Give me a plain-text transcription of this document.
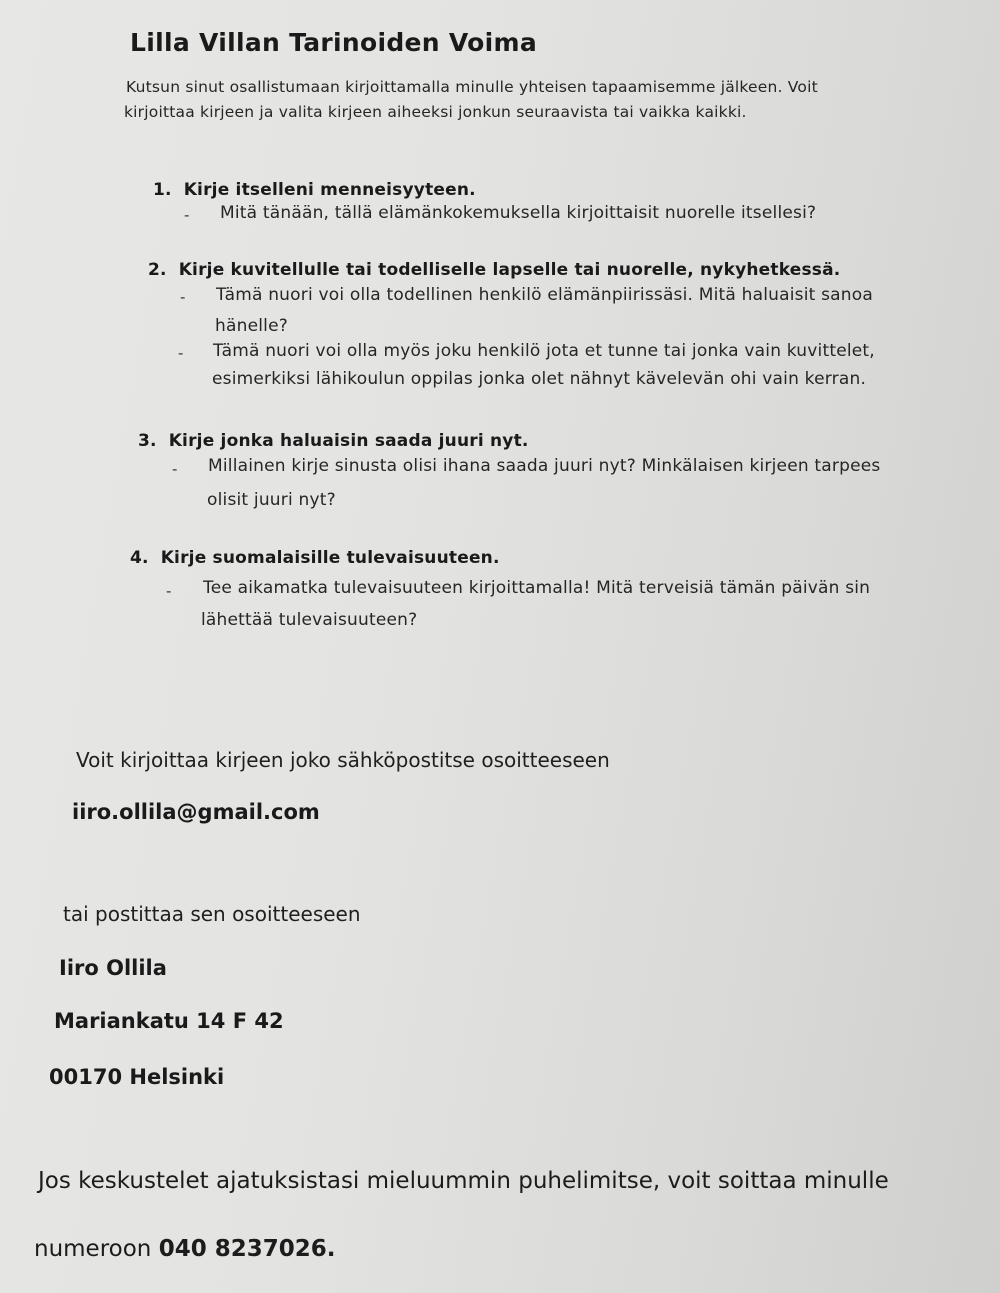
Lilla Villan Tarinoiden Voima
Kutsun sinut osallistumaan kirjoittamalla minulle yhteisen tapaamisemme jälkeen. Voit
kirjoittaa kirjeen ja valita kirjeen aiheeksi jonkun seuraavista tai vaikka kaikki.
1. Kirje itselleni menneisyyteen.
- Mitä tänään, tällä elämänkokemuksella kirjoittaisit nuorelle itsellesi?
2. Kirje kuvitellulle tai todelliselle lapselle tai nuorelle, nykyhetkessä.
- Tämä nuori voi olla todellinen henkilö elämänpiirissäsi. Mitä haluaisit sanoa
hänelle?
- Tämä nuori voi olla myös joku henkilö jota et tunne tai jonka vain kuvittelet,
esimerkiksi lähikoulun oppilas jonka olet nähnyt kävelevän ohi vain kerran.
3. Kirje jonka haluaisin saada juuri nyt.
- Millainen kirje sinusta olisi ihana saada juuri nyt? Minkälaisen kirjeen tarpees
olisit juuri nyt?
4. Kirje suomalaisille tulevaisuuteen.
- Tee aikamatka tulevaisuuteen kirjoittamalla! Mitä terveisiä tämän päivän sin
lähettää tulevaisuuteen?
Voit kirjoittaa kirjeen joko sähköpostitse osoitteeseen
iiro.ollila@gmail.com
tai postittaa sen osoitteeseen
Iiro Ollila
Mariankatu 14 F 42
00170 Helsinki
Jos keskustelet ajatuksistasi mieluummin puhelimitse, voit soittaa minulle
numeroon 040 8237026.
